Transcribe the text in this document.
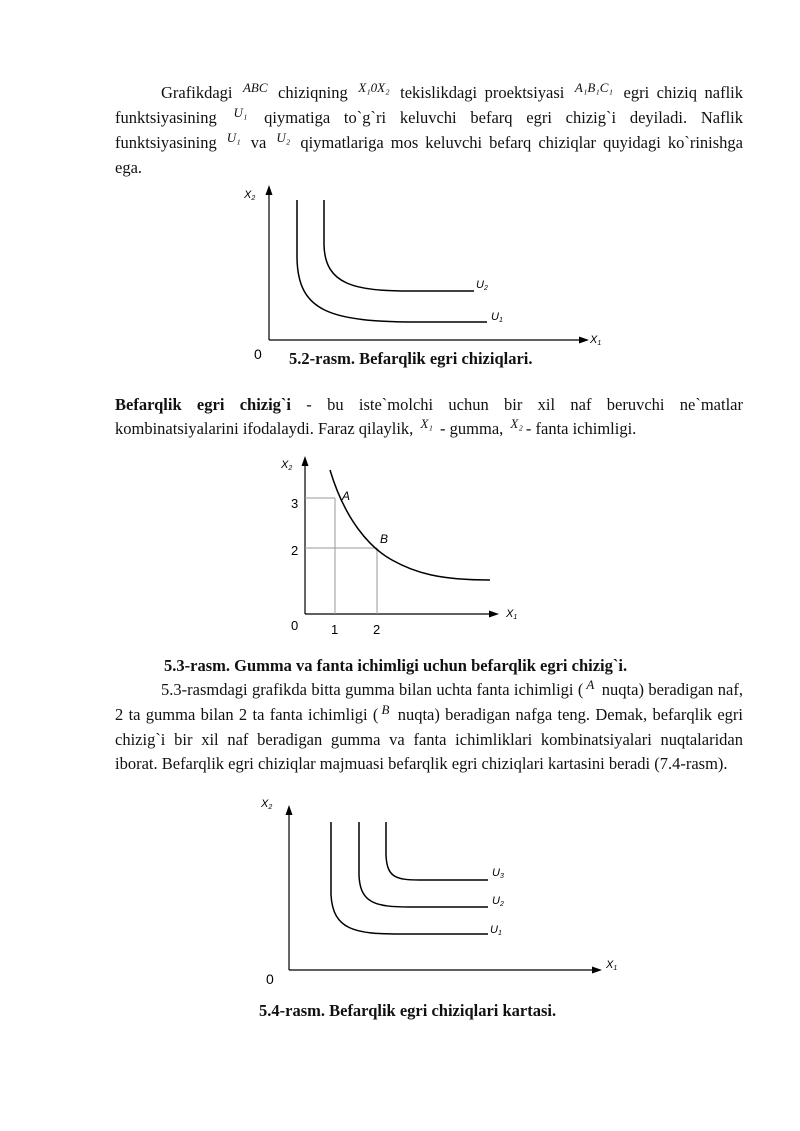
Grafikdagi $^{ABC}$ chiziqning $^{X_10X_2}$ tekislikdagi proektsiyasi $^{A_1B_1C_1}$ egri chiziq naflik funktsiyasining $^{U_1}$ qiymatiga to`g`ri keluvchi befarq egri chizig`i deyiladi. Naflik funktsiyasining $^{U_1}$ va $^{U_2}$ qiymatlariga mos keluvchi befarq chiziqlar quyidagi ko`rinishga ega.

X2
X1
0
U2
U1

5.2-rasm. Befarqlik egri chiziqlari.

Befarqlik egri chizig`i - bu iste`molchi uchun bir xil naf beruvchi ne`matlar kombinatsiyalarini ifodalaydi. Faraz qilaylik, $^{X_1}$ - gumma, $^{X_2}$ - fanta ichimligi.

X2
X1
3
2
1	2
0
A
B

5.3-rasm. Gumma va fanta ichimligi uchun befarqlik egri chizig`i.

5.3-rasmdagi grafikda bitta gumma bilan uchta fanta ichimligi ( $^A$ nuqta) beradigan naf, 2 ta gumma bilan 2 ta fanta ichimligi ( $^B$ nuqta) beradigan nafga teng. Demak, befarqlik egri chizig`i bir xil naf beradigan gumma va fanta ichimliklari kombinatsiyalari nuqtalaridan iborat. Befarqlik egri chiziqlar majmuasi befarqlik egri chiziqlari kartasini beradi (7.4-rasm).

X2
X1
0
U3
U2
U1

5.4-rasm. Befarqlik egri chiziqlari kartasi.
